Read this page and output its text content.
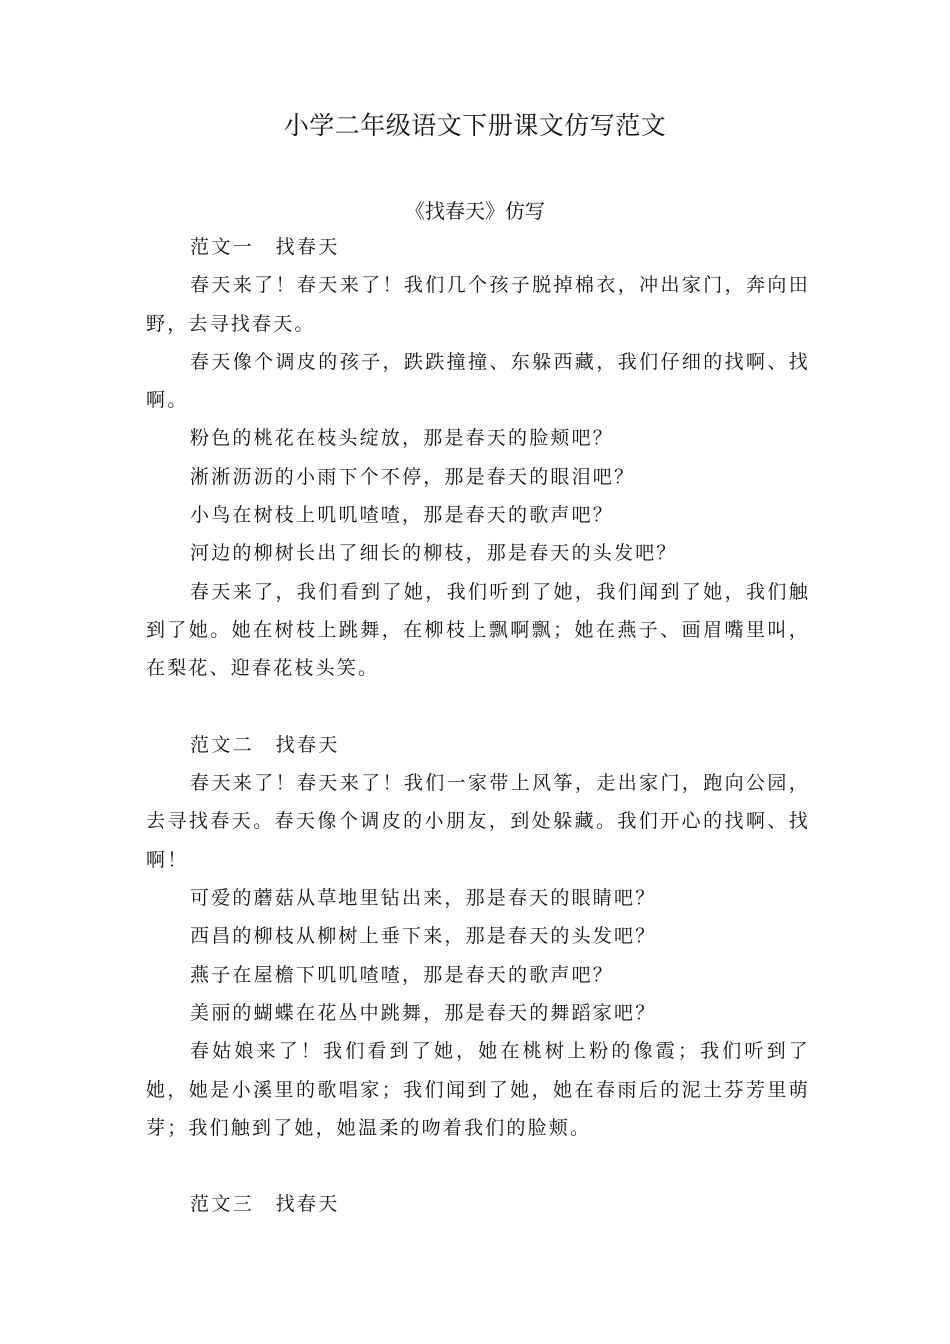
小学二年级语文下册课文仿写范文
《找春天》仿写

范文一　找春天

春天来了！春天来了！我们几个孩子脱掉棉衣，冲出家门，奔向田野，去寻找春天。

春天像个调皮的孩子，跌跌撞撞、东躲西藏，我们仔细的找啊、找啊。

粉色的桃花在枝头绽放，那是春天的脸颊吧？

淅淅沥沥的小雨下个不停，那是春天的眼泪吧？

小鸟在树枝上叽叽喳喳，那是春天的歌声吧？

河边的柳树长出了细长的柳枝，那是春天的头发吧？

春天来了，我们看到了她，我们听到了她，我们闻到了她，我们触到了她。她在树枝上跳舞，在柳枝上飘啊飘；她在燕子、画眉嘴里叫，在梨花、迎春花枝头笑。

范文二　找春天

春天来了！春天来了！我们一家带上风筝，走出家门，跑向公园，去寻找春天。春天像个调皮的小朋友，到处躲藏。我们开心的找啊、找啊！

可爱的蘑菇从草地里钻出来，那是春天的眼睛吧？

西昌的柳枝从柳树上垂下来，那是春天的头发吧？

燕子在屋檐下叽叽喳喳，那是春天的歌声吧？

美丽的蝴蝶在花丛中跳舞，那是春天的舞蹈家吧？

春姑娘来了！我们看到了她，她在桃树上粉的像霞；我们听到了她，她是小溪里的歌唱家；我们闻到了她，她在春雨后的泥土芬芳里萌芽；我们触到了她，她温柔的吻着我们的脸颊。

范文三　找春天
